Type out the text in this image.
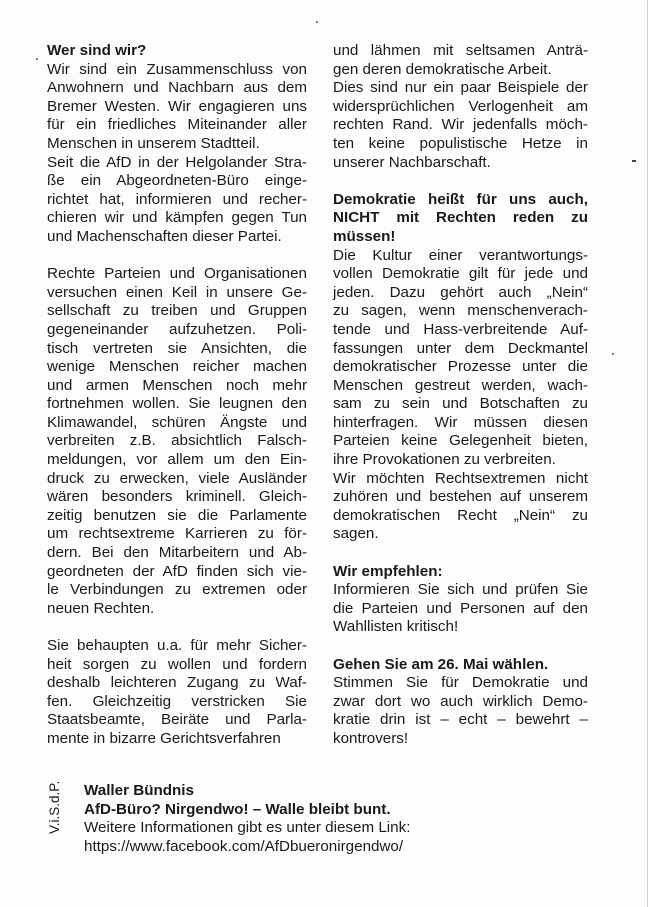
Wer sind wir?
Wir sind ein Zusammenschluss von
Anwohnern und Nachbarn aus dem
Bremer Westen. Wir engagieren uns
für ein friedliches Miteinander aller
Menschen in unserem Stadtteil.
Seit die AfD in der Helgolander Stra-
ße ein Abgeordneten-Büro einge-
richtet hat, informieren und recher-
chieren wir und kämpfen gegen Tun
und Machenschaften dieser Partei.
Rechte Parteien und Organisationen
versuchen einen Keil in unsere Ge-
sellschaft zu treiben und Gruppen
gegeneinander aufzuhetzen. Poli-
tisch vertreten sie Ansichten, die
wenige Menschen reicher machen
und armen Menschen noch mehr
fortnehmen wollen. Sie leugnen den
Klimawandel, schüren Ängste und
verbreiten z.B. absichtlich Falsch-
meldungen, vor allem um den Ein-
druck zu erwecken, viele Ausländer
wären besonders kriminell. Gleich-
zeitig benutzen sie die Parlamente
um rechtsextreme Karrieren zu för-
dern. Bei den Mitarbeitern und Ab-
geordneten der AfD finden sich vie-
le Verbindungen zu extremen oder
neuen Rechten.
Sie behaupten u.a. für mehr Sicher-
heit sorgen zu wollen und fordern
deshalb leichteren Zugang zu Waf-
fen. Gleichzeitig verstricken Sie
Staatsbeamte, Beiräte und Parla-
mente in bizarre Gerichtsverfahren
und lähmen mit seltsamen Anträ-
gen deren demokratische Arbeit.
Dies sind nur ein paar Beispiele der
widersprüchlichen Verlogenheit am
rechten Rand. Wir jedenfalls möch-
ten keine populistische Hetze in
unserer Nachbarschaft.
Demokratie heißt für uns auch,
NICHT mit Rechten reden zu
müssen!
Die Kultur einer verantwortungs-
vollen Demokratie gilt für jede und
jeden. Dazu gehört auch „Nein“
zu sagen, wenn menschenverach-
tende und Hass-verbreitende Auf-
fassungen unter dem Deckmantel
demokratischer Prozesse unter die
Menschen gestreut werden, wach-
sam zu sein und Botschaften zu
hinterfragen. Wir müssen diesen
Parteien keine Gelegenheit bieten,
ihre Provokationen zu verbreiten.
Wir möchten Rechtsextremen nicht
zuhören und bestehen auf unserem
demokratischen Recht „Nein“ zu
sagen.
Wir empfehlen:
Informieren Sie sich und prüfen Sie
die Parteien und Personen auf den
Wahllisten kritisch!
Gehen Sie am 26. Mai wählen.
Stimmen Sie für Demokratie und
zwar dort wo auch wirklich Demo-
kratie drin ist – echt – bewehrt –
kontrovers!
V.i.S.d.P. Waller Bündnis
AfD-Büro? Nirgendwo! – Walle bleibt bunt.
Weitere Informationen gibt es unter diesem Link:
https://www.facebook.com/AfDbueronirgendwo/
